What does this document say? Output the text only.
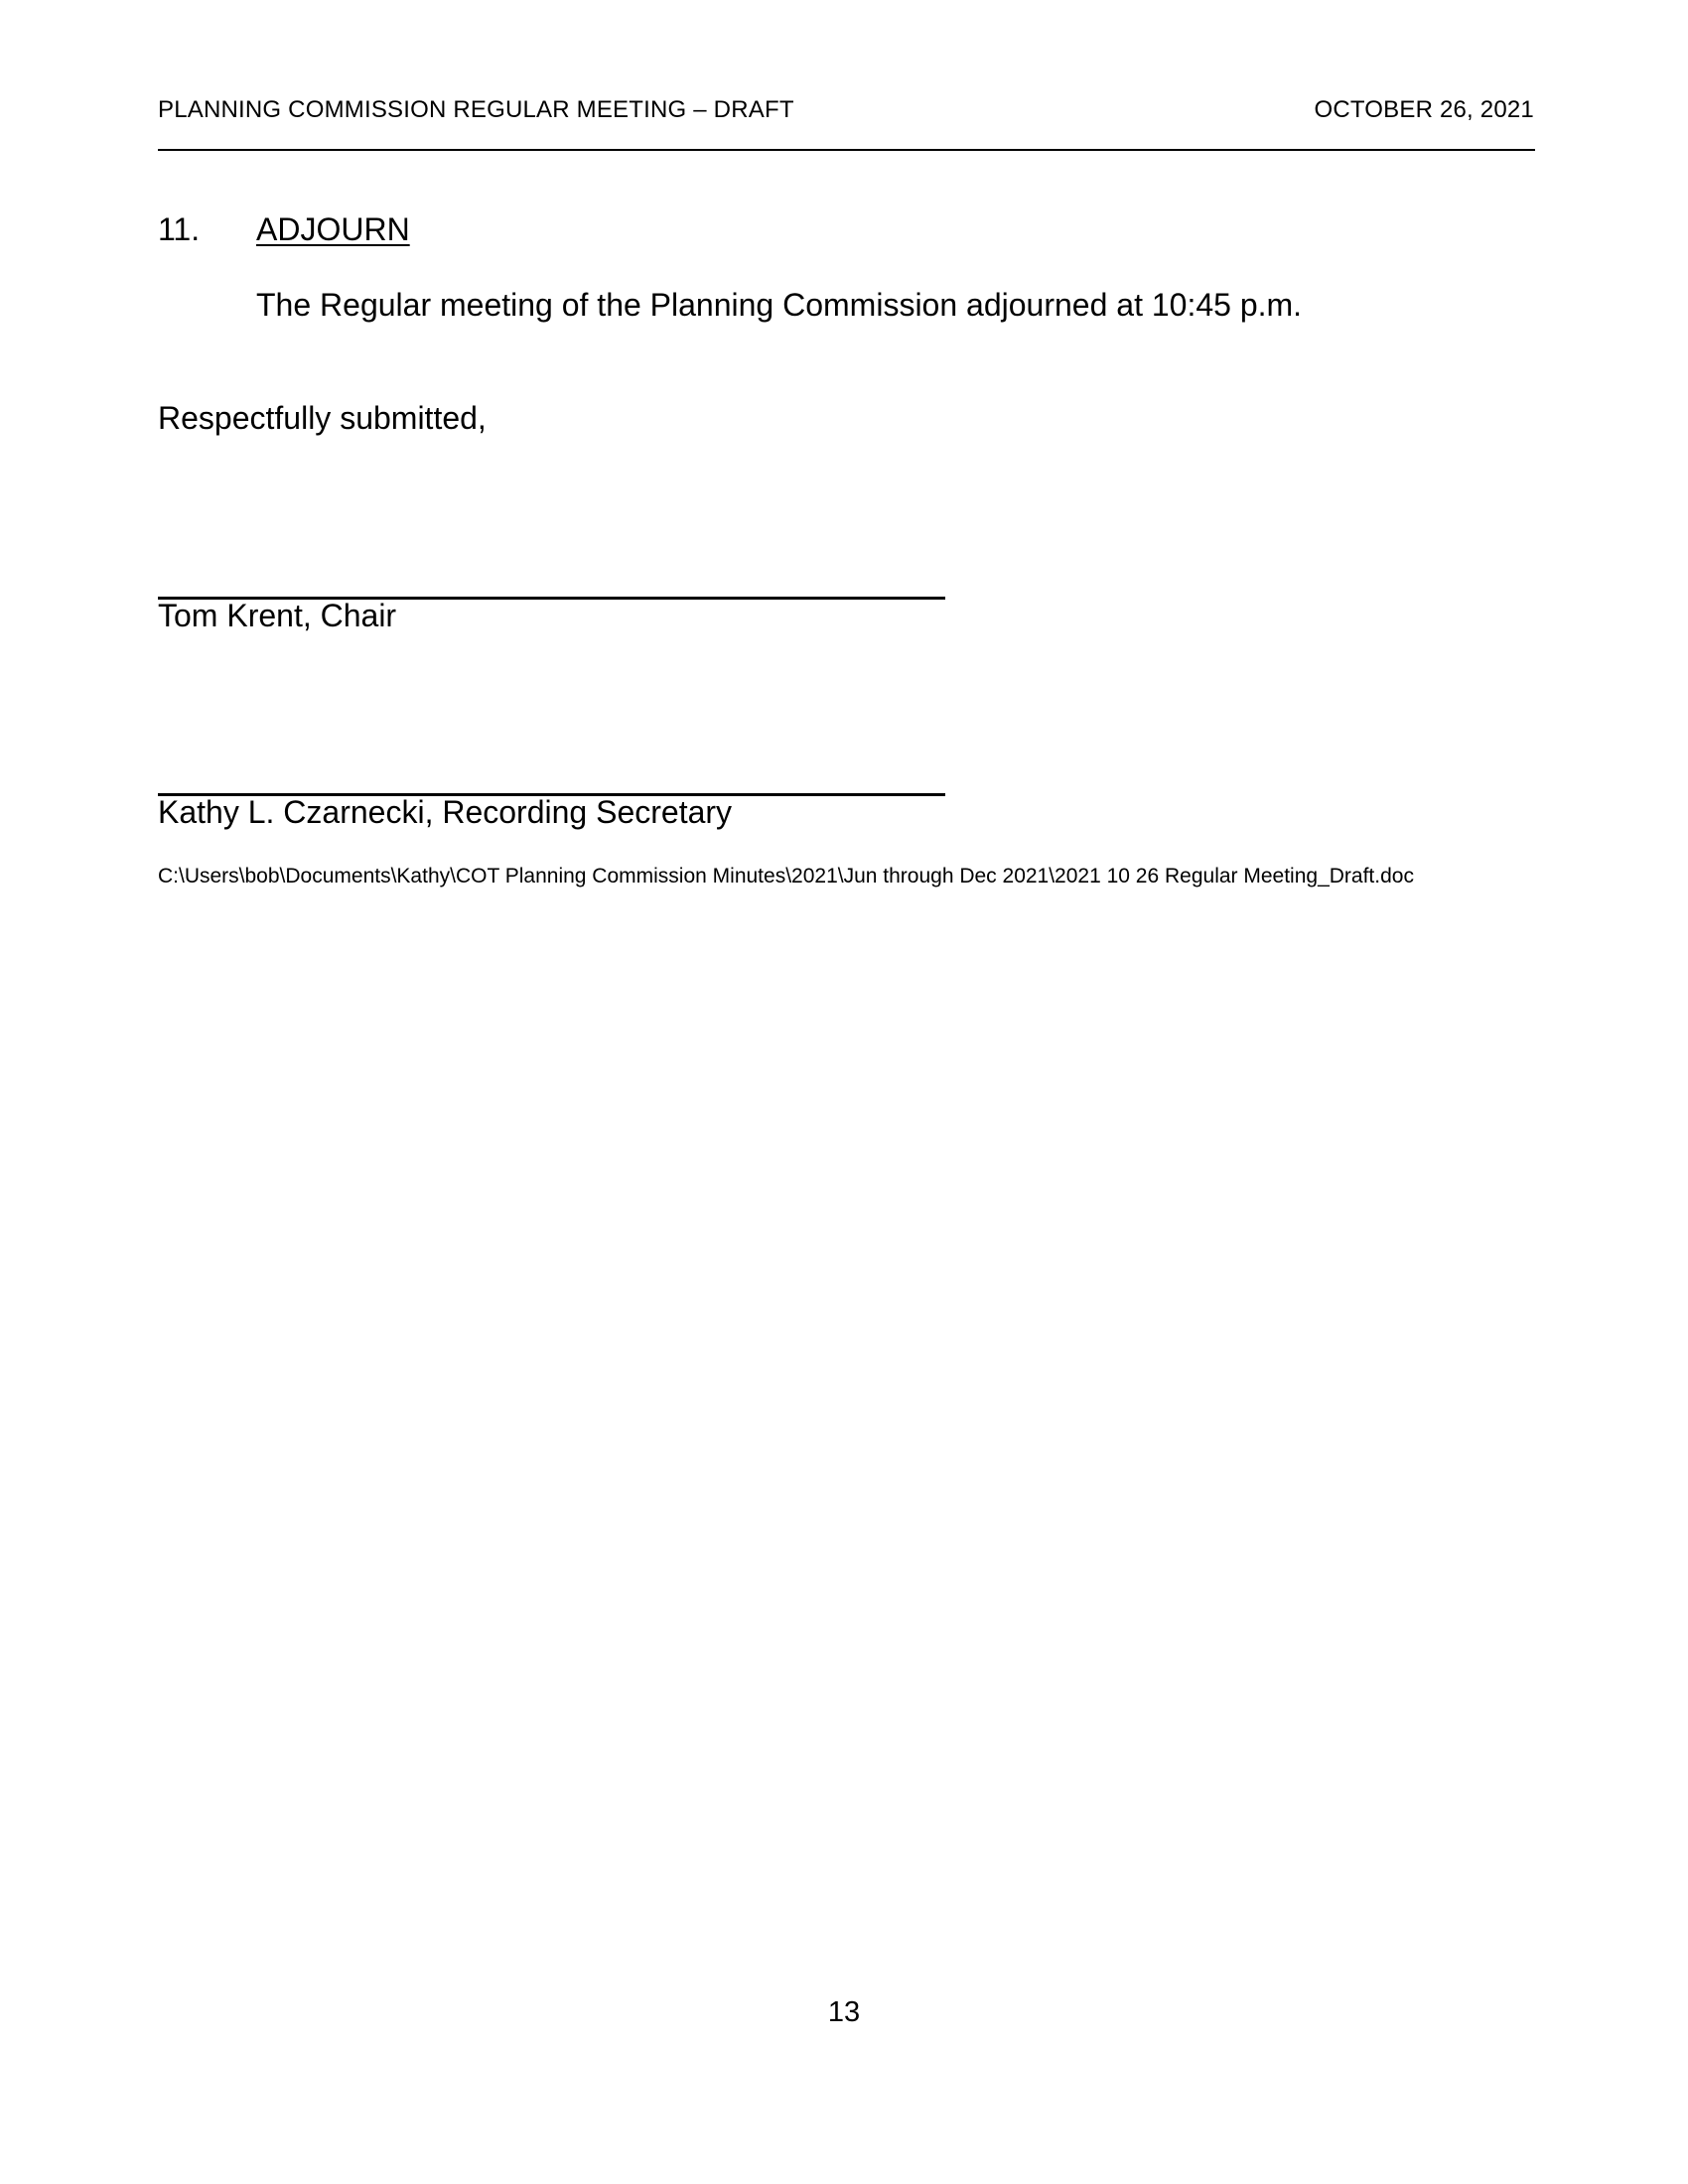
PLANNING COMMISSION REGULAR MEETING – DRAFT	OCTOBER 26, 2021
11. ADJOURN
The Regular meeting of the Planning Commission adjourned at 10:45 p.m.
Respectfully submitted,
Tom Krent, Chair
Kathy L. Czarnecki, Recording Secretary
C:\Users\bob\Documents\Kathy\COT Planning Commission Minutes\2021\Jun through Dec 2021\2021 10 26 Regular Meeting_Draft.doc
13
